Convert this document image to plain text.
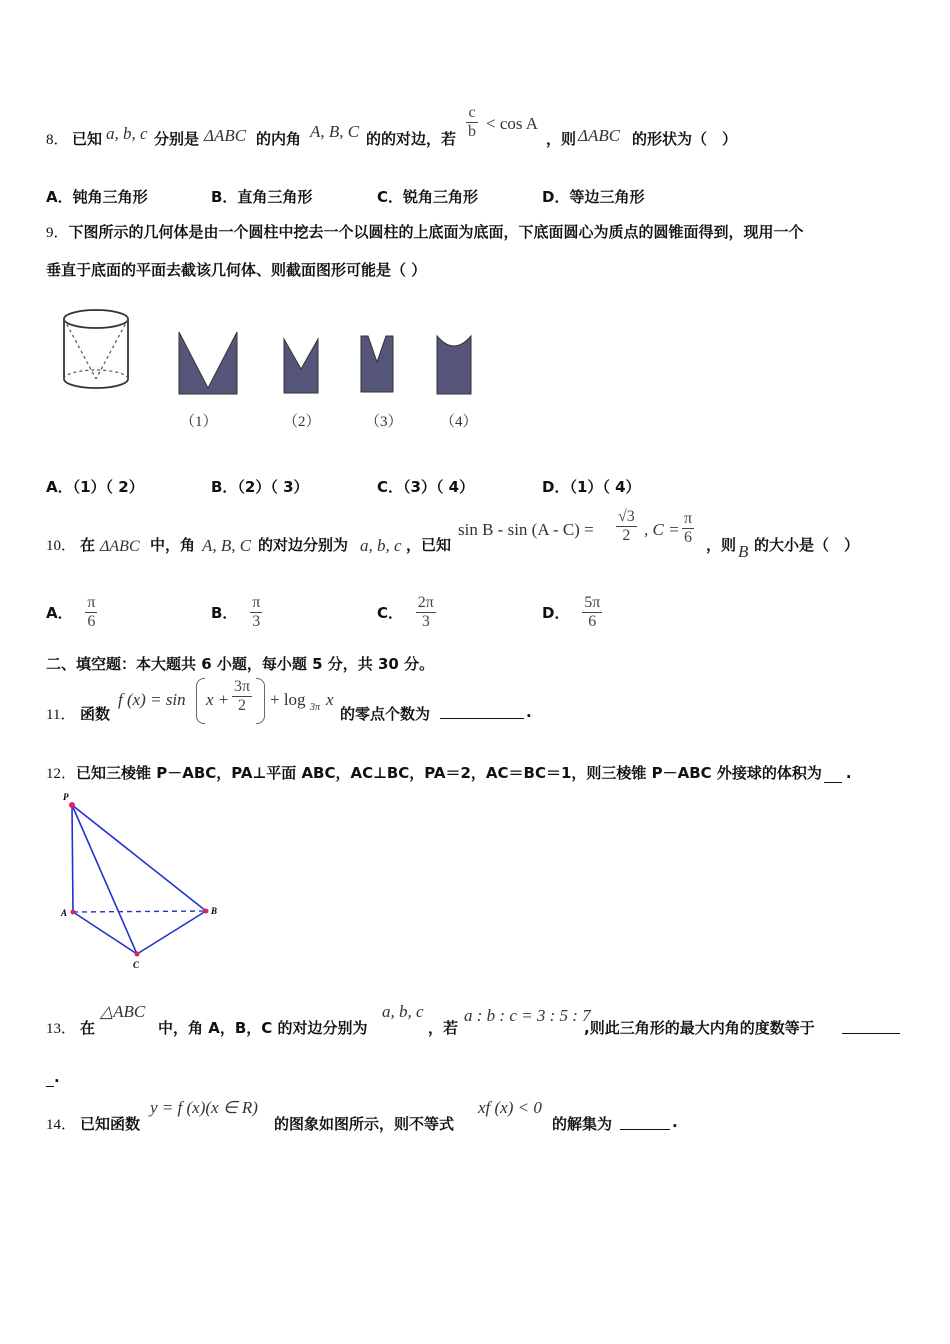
8． 已知 a, b, c 分别是 ΔABC 的内角 A, B, C 的的对边，若 $\frac{c}{b} < \cos A$
，则 ΔABC 的形状为（　）
A．钝角三角形	B．直角三角形	C．锐角三角形	D．等边三角形
9．下图所示的几何体是由一个圆柱中挖去一个以圆柱的上底面为底面，下底面圆心为质点的圆锥面得到，现用一个
垂直于底面的平面去截该几何体、则截面图形可能是（ ）
（1）	（2）	（3） （4）
A．（1）（ 2）	B．（2）（ 3）	C．（3）（ 4）	D．（1）（ 4）
10． 在 ΔABC 中，角 A, B, C 的对边分别为 a, b, c ，已知
$\sin B - \sin (A - C) = \frac{√3}{2}$ , $C = \frac{\pi}{6}$ ，则 B 的大小是（　）
A． $\frac{\pi}{6}$	B． $\frac{\pi}{3}$	C． $\frac{2\pi}{3}$	D． $\frac{5\pi}{6}$
二、填空题：本大题共 6 小题，每小题 5 分，共 30 分。
11． 函数
f $(x) = \sin x + \frac{3\pi}{2} + \log 3\pi$ x
的零点个数为	.
12．已知三棱锥 P－ABC，PA⊥平面 ABC，AC⊥BC，PA＝2，AC＝BC＝1，则三棱锥 P－ABC 外接球的体积为 .
P
A	B
C
13． 在
△ABC
中，角 A，B，C 的对边分别为
a, b, c
，若
a : b : c = 3 : 5 : 7
,则此三角形的最大内角的度数等于
.
14． 已知函数
y = f (x)(x ∈ R)
的图象如图所示，则不等式
xf (x) < 0
的解集为	.
